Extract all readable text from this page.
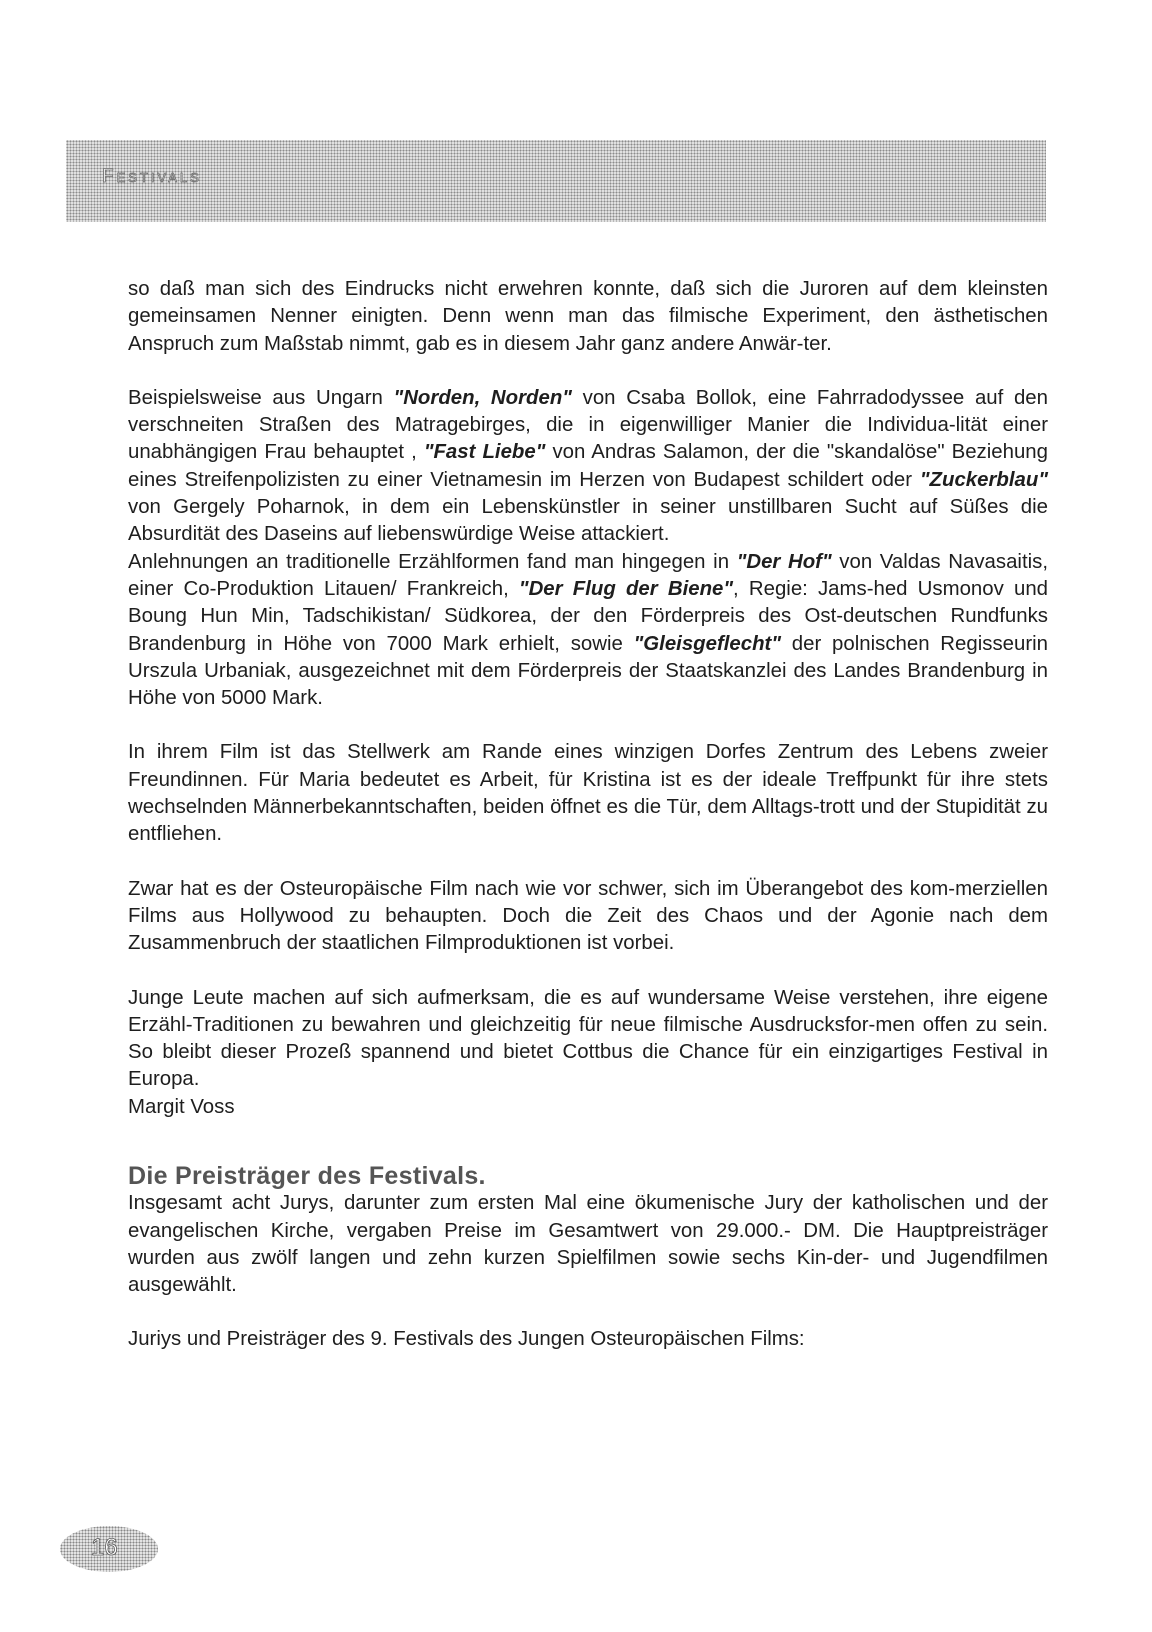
Festivals

so daß man sich des Eindrucks nicht erwehren konnte, daß sich die Juroren auf dem kleinsten gemeinsamen Nenner einigten. Denn wenn man das filmische Experiment, den ästhetischen Anspruch zum Maßstab nimmt, gab es in diesem Jahr ganz andere Anwär-ter.

Beispielsweise aus Ungarn "Norden, Norden" von Csaba Bollok, eine Fahrradodyssee auf den verschneiten Straßen des Matragebirges, die in eigenwilliger Manier die Individua-lität einer unabhängigen Frau behauptet , "Fast Liebe" von Andras Salamon, der die "skandalöse" Beziehung eines Streifenpolizisten zu einer Vietnamesin im Herzen von Budapest schildert oder "Zuckerblau" von Gergely Poharnok, in dem ein Lebenskünstler in seiner unstillbaren Sucht auf Süßes die Absurdität des Daseins auf liebenswürdige Weise attackiert.

Anlehnungen an traditionelle Erzählformen fand man hingegen in "Der Hof" von Valdas Navasaitis, einer Co-Produktion Litauen/ Frankreich, "Der Flug der Biene", Regie: Jams-hed Usmonov und Boung Hun Min, Tadschikistan/ Südkorea, der den Förderpreis des Ost-deutschen Rundfunks Brandenburg in Höhe von 7000 Mark erhielt, sowie "Gleisgeflecht" der polnischen Regisseurin Urszula Urbaniak, ausgezeichnet mit dem Förderpreis der Staatskanzlei des Landes Brandenburg in Höhe von 5000 Mark.

In ihrem Film ist das Stellwerk am Rande eines winzigen Dorfes Zentrum des Lebens zweier Freundinnen. Für Maria bedeutet es Arbeit, für Kristina ist es der ideale Treffpunkt für ihre stets wechselnden Männerbekanntschaften, beiden öffnet es die Tür, dem Alltags-trott und der Stupidität zu entfliehen.

Zwar hat es der Osteuropäische Film nach wie vor schwer, sich im Überangebot des kom-merziellen Films aus Hollywood zu behaupten. Doch die Zeit des Chaos und der Agonie nach dem Zusammenbruch der staatlichen Filmproduktionen ist vorbei.

Junge Leute machen auf sich aufmerksam, die es auf wundersame Weise verstehen, ihre eigene Erzähl-Traditionen zu bewahren und gleichzeitig für neue filmische Ausdrucksfor-men offen zu sein. So bleibt dieser Prozeß spannend und bietet Cottbus die Chance für ein einzigartiges Festival in Europa.

Margit Voss

Die Preisträger des Festivals.

Insgesamt acht Jurys, darunter zum ersten Mal eine ökumenische Jury der katholischen und der evangelischen Kirche, vergaben Preise im Gesamtwert von 29.000.- DM. Die Hauptpreisträger wurden aus zwölf langen und zehn kurzen Spielfilmen sowie sechs Kin-der- und Jugendfilmen ausgewählt.

Juriys und Preisträger des 9. Festivals des Jungen Osteuropäischen Films:

16
